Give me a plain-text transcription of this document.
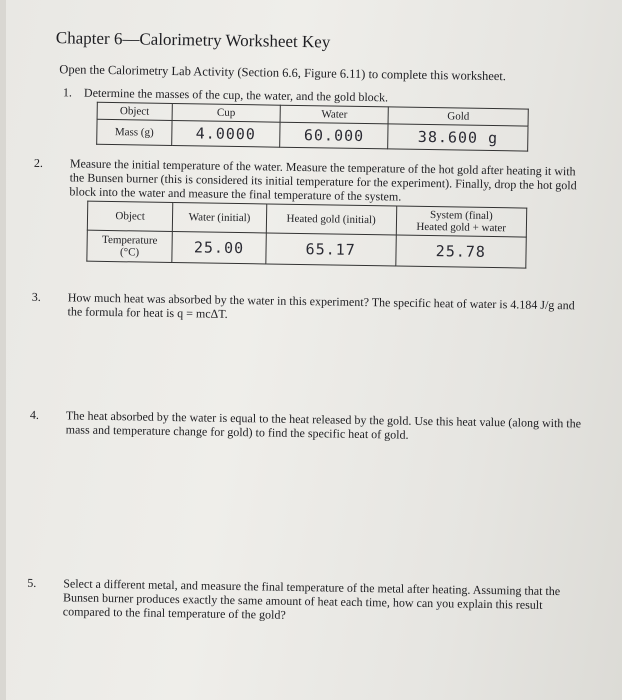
Chapter 6—Calorimetry Worksheet Key

Open the Calorimetry Lab Activity (Section 6.6, Figure 6.11) to complete this worksheet.

1. Determine the masses of the cup, the water, and the gold block.

Object	Cup	Water	Gold
Mass (g)	4.0000	60.000	38.600 g

2. Measure the initial temperature of the water. Measure the temperature of the hot gold after heating it with the Bunsen burner (this is considered its initial temperature for the experiment). Finally, drop the hot gold block into the water and measure the final temperature of the system.

Object	Water (initial)	Heated gold (initial)	System (final)
Heated gold + water

Temperature
(°C)	25.00	65.17	25.78

3. How much heat was absorbed by the water in this experiment? The specific heat of water is 4.184 J/g and the formula for heat is q = mcΔT.

4. The heat absorbed by the water is equal to the heat released by the gold. Use this heat value (along with the mass and temperature change for gold) to find the specific heat of gold.

5. Select a different metal, and measure the final temperature of the metal after heating. Assuming that the Bunsen burner produces exactly the same amount of heat each time, how can you explain this result compared to the final temperature of the gold?
